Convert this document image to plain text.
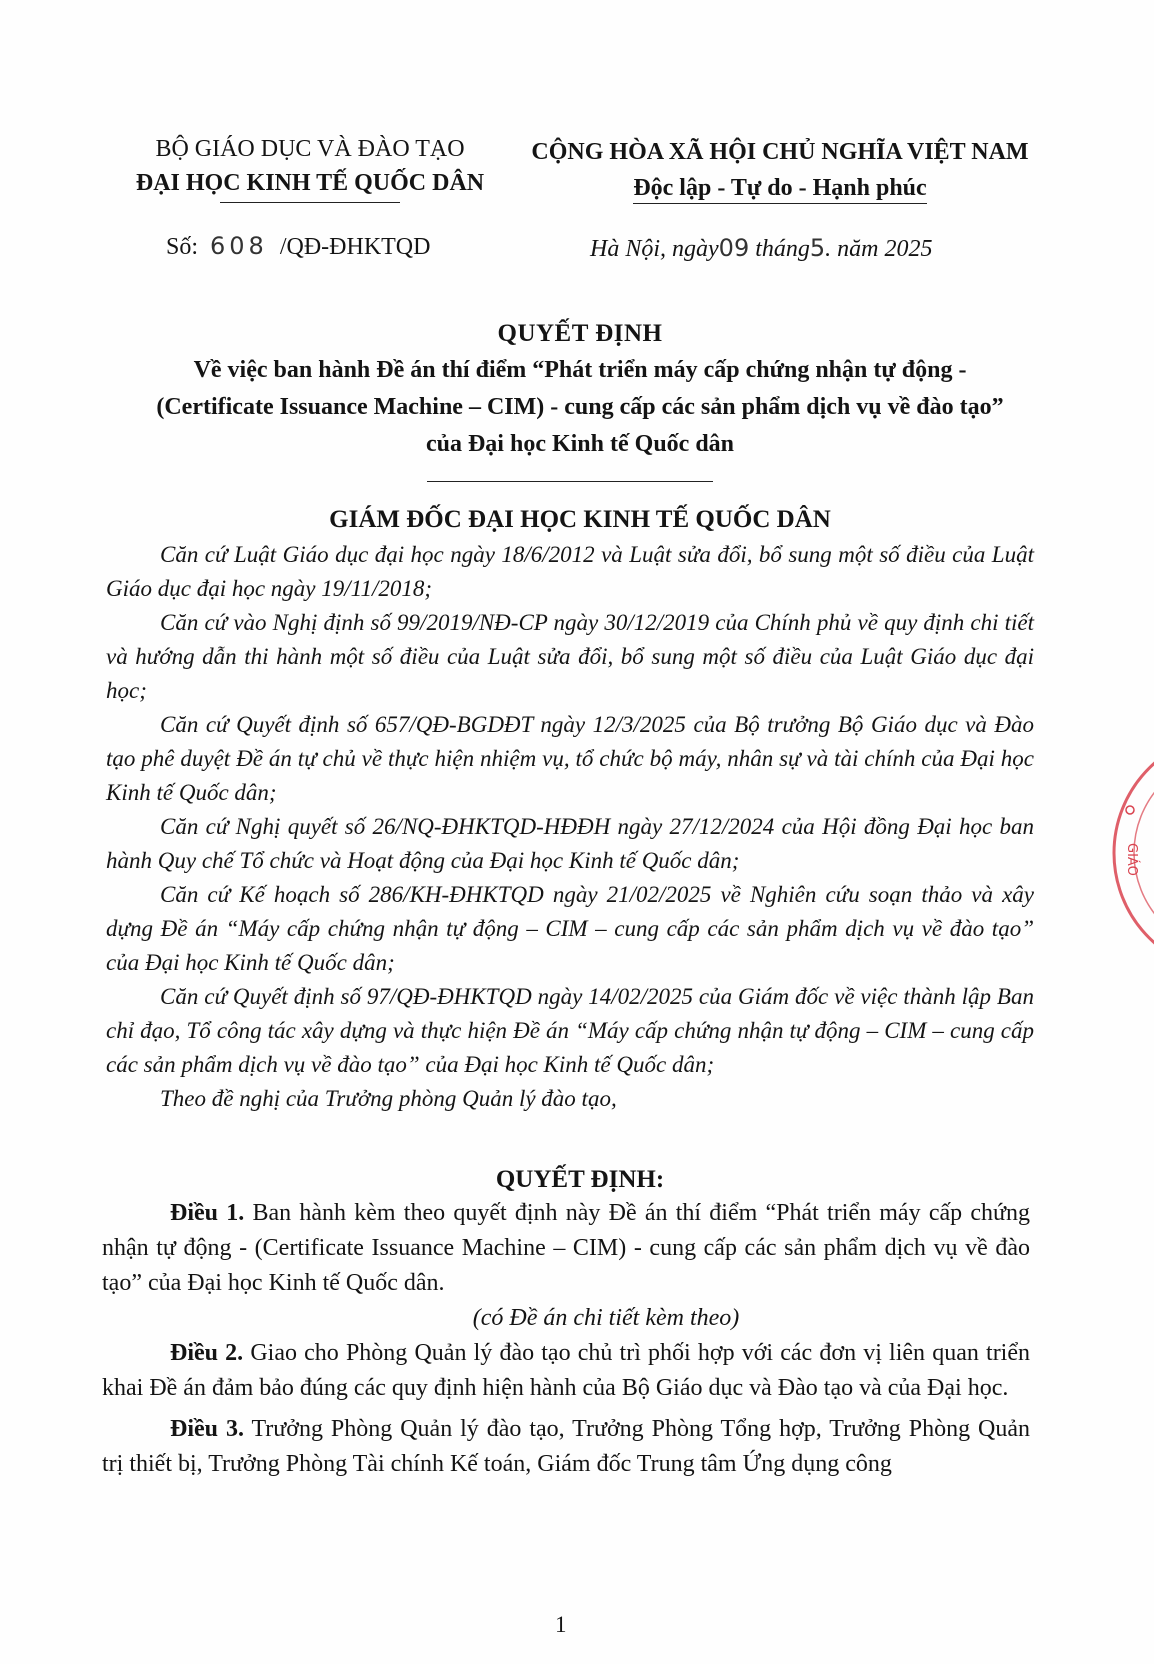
BỘ GIÁO DỤC VÀ ĐÀO TẠO
ĐẠI HỌC KINH TẾ QUỐC DÂN
CỘNG HÒA XÃ HỘI CHỦ NGHĨA VIỆT NAM
Độc lập - Tự do - Hạnh phúc
Số: 608 /QĐ-ĐHKTQD	Hà Nội, ngày09 tháng5. năm 2025
QUYẾT ĐỊNH
Về việc ban hành Đề án thí điểm “Phát triển máy cấp chứng nhận tự động -
(Certificate Issuance Machine – CIM) - cung cấp các sản phẩm dịch vụ về đào tạo”
của Đại học Kinh tế Quốc dân
GIÁM ĐỐC ĐẠI HỌC KINH TẾ QUỐC DÂN

Căn cứ Luật Giáo dục đại học ngày 18/6/2012 và Luật sửa đổi, bổ sung một số điều của Luật Giáo dục đại học ngày 19/11/2018;

Căn cứ vào Nghị định số 99/2019/NĐ-CP ngày 30/12/2019 của Chính phủ về quy định chi tiết và hướng dẫn thi hành một số điều của Luật sửa đổi, bổ sung một số điều của Luật Giáo dục đại học;

Căn cứ Quyết định số 657/QĐ-BGDĐT ngày 12/3/2025 của Bộ trưởng Bộ Giáo dục và Đào tạo phê duyệt Đề án tự chủ về thực hiện nhiệm vụ, tổ chức bộ máy, nhân sự và tài chính của Đại học Kinh tế Quốc dân;

Căn cứ Nghị quyết số 26/NQ-ĐHKTQD-HĐĐH ngày 27/12/2024 của Hội đồng Đại học ban hành Quy chế Tổ chức và Hoạt động của Đại học Kinh tế Quốc dân;

Căn cứ Kế hoạch số 286/KH-ĐHKTQD ngày 21/02/2025 về Nghiên cứu soạn thảo và xây dựng Đề án “Máy cấp chứng nhận tự động – CIM – cung cấp các sản phẩm dịch vụ về đào tạo” của Đại học Kinh tế Quốc dân;

Căn cứ Quyết định số 97/QĐ-ĐHKTQD ngày 14/02/2025 của Giám đốc về việc thành lập Ban chỉ đạo, Tổ công tác xây dựng và thực hiện Đề án “Máy cấp chứng nhận tự động – CIM – cung cấp các sản phẩm dịch vụ về đào tạo” của Đại học Kinh tế Quốc dân;

Theo đề nghị của Trưởng phòng Quản lý đào tạo,

QUYẾT ĐỊNH:

Điều 1. Ban hành kèm theo quyết định này Đề án thí điểm “Phát triển máy cấp chứng nhận tự động - (Certificate Issuance Machine – CIM) - cung cấp các sản phẩm dịch vụ về đào tạo” của Đại học Kinh tế Quốc dân.

(có Đề án chi tiết kèm theo)

Điều 2. Giao cho Phòng Quản lý đào tạo chủ trì phối hợp với các đơn vị liên quan triển khai Đề án đảm bảo đúng các quy định hiện hành của Bộ Giáo dục và Đào tạo và của Đại học.

Điều 3. Trưởng Phòng Quản lý đào tạo, Trưởng Phòng Tổng hợp, Trưởng Phòng Quản trị thiết bị, Trưởng Phòng Tài chính Kế toán, Giám đốc Trung tâm Ứng dụng công

1
GIÁO
